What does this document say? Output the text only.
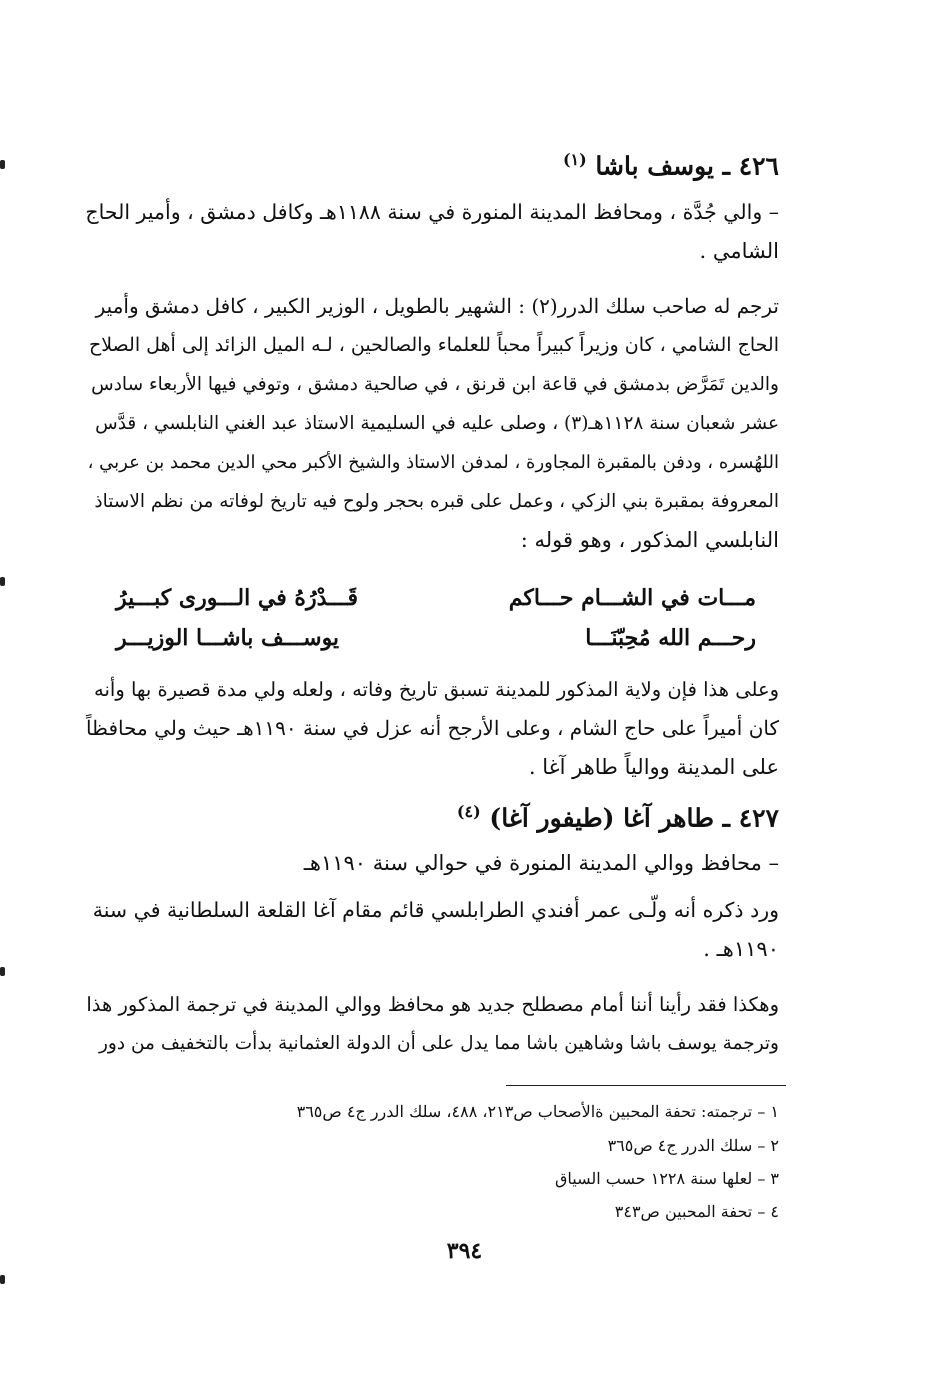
٤٢٦ ـ يوسف باشا $^{(١)}$
– والي جُدَّة ، ومحافظ المدينة المنورة في سنة ١١٨٨هـ وكافل دمشق ، وأمير الحاج
الشامي .
ترجم له صاحب سلك الدرر(٢) : الشهير بالطويل ، الوزير الكبير ، كافل دمشق وأمير
الحاج الشامي ، كان وزيراً كبيراً محباً للعلماء والصالحين ، لـه الميل الزائد إلى أهل الصلاح
والدين تَمَرَّض بدمشق في قاعة ابن قرنق ، في صالحية دمشق ، وتوفي فيها الأربعاء سادس
عشر شعبان سنة ١١٢٨هـ(٣) ، وصلى عليه في السليمية الاستاذ عبد الغني النابلسي ، قدَّس
اللهُسره ، ودفن بالمقبرة المجاورة ، لمدفن الاستاذ والشيخ الأكبر محي الدين محمد بن عربي ،
المعروفة بمقبرة بني الزكي ، وعمل على قبره بحجر ولوح فيه تاريخ لوفاته من نظم الاستاذ
النابلسي المذكور ، وهو قوله :
مـــات في الشـــام حـــاكم
قَـــدْرُهُ في الـــورى كبـــيرُ
رحـــم الله مُحِبّنَـــا
يوســـف باشـــا الوزيـــر
وعلى هذا فإن ولاية المذكور للمدينة تسبق تاريخ وفاته ، ولعله ولي مدة قصيرة بها وأنه
كان أميراً على حاج الشام ، وعلى الأرجح أنه عزل في سنة ١١٩٠هـ حيث ولي محافظاً
على المدينة ووالياً طاهر آغا .
٤٢٧ ـ طاهر آغا (طيفور آغا) $^{(٤)}$
– محافظ ووالي المدينة المنورة في حوالي سنة ١١٩٠هـ
ورد ذكره أنه ولّـى عمر أفندي الطرابلسي قائم مقام آغا القلعة السلطانية في سنة
١١٩٠هـ .
وهكذا فقد رأينا أننا أمام مصطلح جديد هو محافظ ووالي المدينة في ترجمة المذكور هذا
وترجمة يوسف باشا وشاهين باشا مما يدل على أن الدولة العثمانية بدأت بالتخفيف من دور
١ – ترجمته: تحفة المحبين ةالأصحاب ص٢١٣، ٤٨٨، سلك الدرر ج٤ ص٣٦٥
٢ – سلك الدرر ج٤ ص٣٦٥
٣ – لعلها سنة ١٢٢٨ حسب السياق
٤ – تحفة المحبين ص٣٤٣
٣٩٤
